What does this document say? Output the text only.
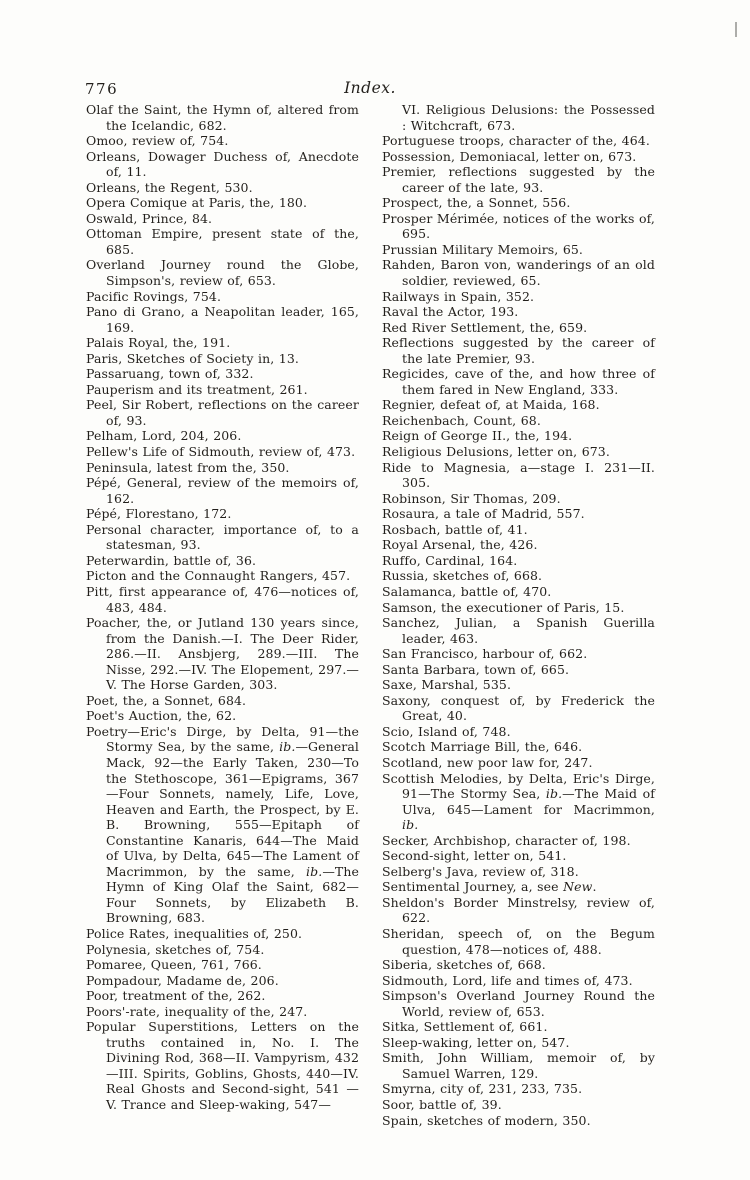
776	Index.

Olaf the Saint, the Hymn of, altered from the Icelandic, 682.

Omoo, review of, 754.

Orleans, Dowager Duchess of, Anecdote of, 11.

Orleans, the Regent, 530.

Opera Comique at Paris, the, 180.

Oswald, Prince, 84.

Ottoman Empire, present state of the, 685.

Overland Journey round the Globe, Simpson's, review of, 653.

Pacific Rovings, 754.

Pano di Grano, a Neapolitan leader, 165, 169.

Palais Royal, the, 191.

Paris, Sketches of Society in, 13.

Passaruang, town of, 332.

Pauperism and its treatment, 261.

Peel, Sir Robert, reflections on the career of, 93.

Pelham, Lord, 204, 206.

Pellew's Life of Sidmouth, review of, 473.

Peninsula, latest from the, 350.

Pépé, General, review of the memoirs of, 162.

Pépé, Florestano, 172.

Personal character, importance of, to a statesman, 93.

Peterwardin, battle of, 36.

Picton and the Connaught Rangers, 457.

Pitt, first appearance of, 476—notices of, 483, 484.

Poacher, the, or Jutland 130 years since, from the Danish.—I. The Deer Rider, 286.—II. Ansbjerg, 289.—III. The Nisse, 292.—IV. The Elopement, 297.—V. The Horse Garden, 303.

Poet, the, a Sonnet, 684.

Poet's Auction, the, 62.

Poetry—Eric's Dirge, by Delta, 91—the Stormy Sea, by the same, ib.—General Mack, 92—the Early Taken, 230—To the Stethoscope, 361—Epigrams, 367—Four Sonnets, namely, Life, Love, Heaven and Earth, the Prospect, by E. B. Browning, 555—Epitaph of Constantine Kanaris, 644—The Maid of Ulva, by Delta, 645—The Lament of Macrimmon, by the same, ib.—The Hymn of King Olaf the Saint, 682—Four Sonnets, by Elizabeth B. Browning, 683.

Police Rates, inequalities of, 250.

Polynesia, sketches of, 754.

Pomaree, Queen, 761, 766.

Pompadour, Madame de, 206.

Poor, treatment of the, 262.

Poors'-rate, inequality of the, 247.

Popular Superstitions, Letters on the truths contained in, No. I. The Divining Rod, 368—II. Vampyrism, 432—III. Spirits, Goblins, Ghosts, 440—IV. Real Ghosts and Second-sight, 541 —V. Trance and Sleep-waking, 547—

VI. Religious Delusions: the Possessed : Witchcraft, 673.

Portuguese troops, character of the, 464.

Possession, Demoniacal, letter on, 673.

Premier, reflections suggested by the career of the late, 93.

Prospect, the, a Sonnet, 556.

Prosper Mérimée, notices of the works of, 695.

Prussian Military Memoirs, 65.

Rahden, Baron von, wanderings of an old soldier, reviewed, 65.

Railways in Spain, 352.

Raval the Actor, 193.

Red River Settlement, the, 659.

Reflections suggested by the career of the late Premier, 93.

Regicides, cave of the, and how three of them fared in New England, 333.

Regnier, defeat of, at Maida, 168.

Reichenbach, Count, 68.

Reign of George II., the, 194.

Religious Delusions, letter on, 673.

Ride to Magnesia, a—stage I. 231—II. 305.

Robinson, Sir Thomas, 209.

Rosaura, a tale of Madrid, 557.

Rosbach, battle of, 41.

Royal Arsenal, the, 426.

Ruffo, Cardinal, 164.

Russia, sketches of, 668.

Salamanca, battle of, 470.

Samson, the executioner of Paris, 15.

Sanchez, Julian, a Spanish Guerilla leader, 463.

San Francisco, harbour of, 662.

Santa Barbara, town of, 665.

Saxe, Marshal, 535.

Saxony, conquest of, by Frederick the Great, 40.

Scio, Island of, 748.

Scotch Marriage Bill, the, 646.

Scotland, new poor law for, 247.

Scottish Melodies, by Delta, Eric's Dirge, 91—The Stormy Sea, ib.—The Maid of Ulva, 645—Lament for Macrimmon, ib.

Secker, Archbishop, character of, 198.

Second-sight, letter on, 541.

Selberg's Java, review of, 318.

Sentimental Journey, a, see New.

Sheldon's Border Minstrelsy, review of, 622.

Sheridan, speech of, on the Begum question, 478—notices of, 488.

Siberia, sketches of, 668.

Sidmouth, Lord, life and times of, 473.

Simpson's Overland Journey Round the World, review of, 653.

Sitka, Settlement of, 661.

Sleep-waking, letter on, 547.

Smith, John William, memoir of, by Samuel Warren, 129.

Smyrna, city of, 231, 233, 735.

Soor, battle of, 39.

Spain, sketches of modern, 350.
